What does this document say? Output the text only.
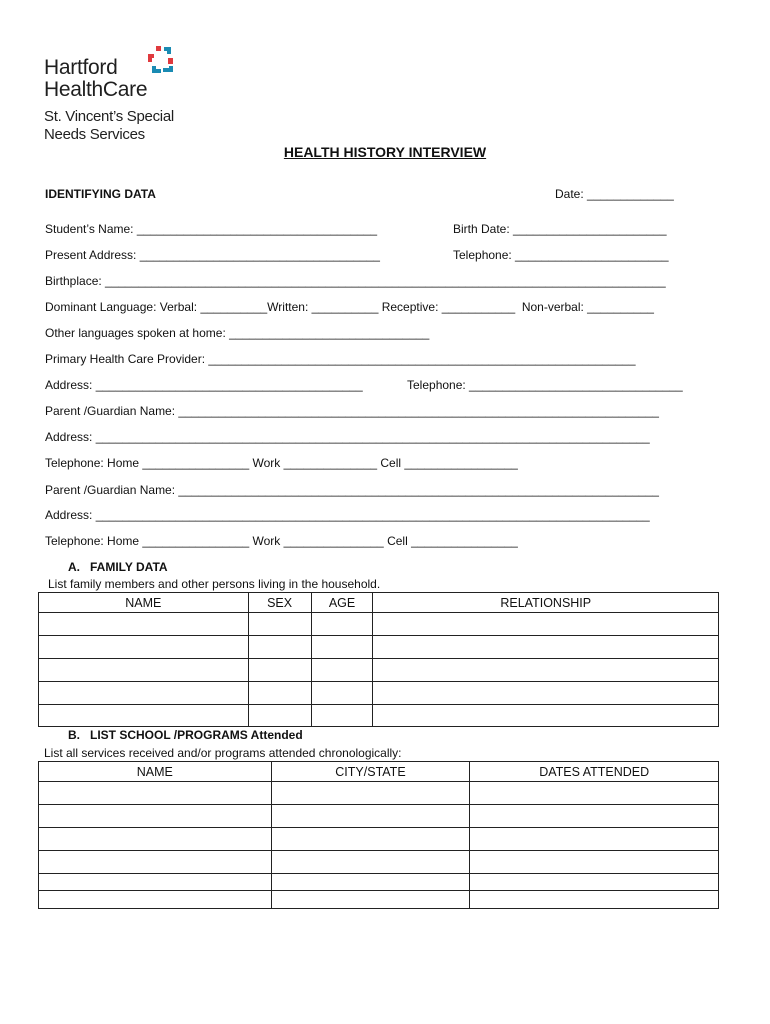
Hartford
HealthCare
St. Vincent’s Special
Needs Services
HEALTH HISTORY INTERVIEW
IDENTIFYING DATA	Date: _____________
Student’s Name: ____________________________________	Birth Date: _______________________
Present Address: ____________________________________	Telephone: _______________________
Birthplace: ____________________________________________________________________________________
Dominant Language: Verbal: __________Written: __________ Receptive: ___________  Non-verbal: __________
Other languages spoken at home: ______________________________
Primary Health Care Provider: ________________________________________________________________
Address: ________________________________________	Telephone: ________________________________
Parent /Guardian Name: ________________________________________________________________________
Address: ___________________________________________________________________________________
Telephone: Home ________________ Work ______________ Cell _________________
Parent /Guardian Name: ________________________________________________________________________
Address: ___________________________________________________________________________________
Telephone: Home ________________ Work _______________ Cell ________________
A.   FAMILY DATA
List family members and other persons living in the household.
NAME	SEX	AGE	RELATIONSHIP

B.   LIST SCHOOL /PROGRAMS Attended
List all services received and/or programs attended chronologically:
NAME	CITY/STATE	DATES ATTENDED
